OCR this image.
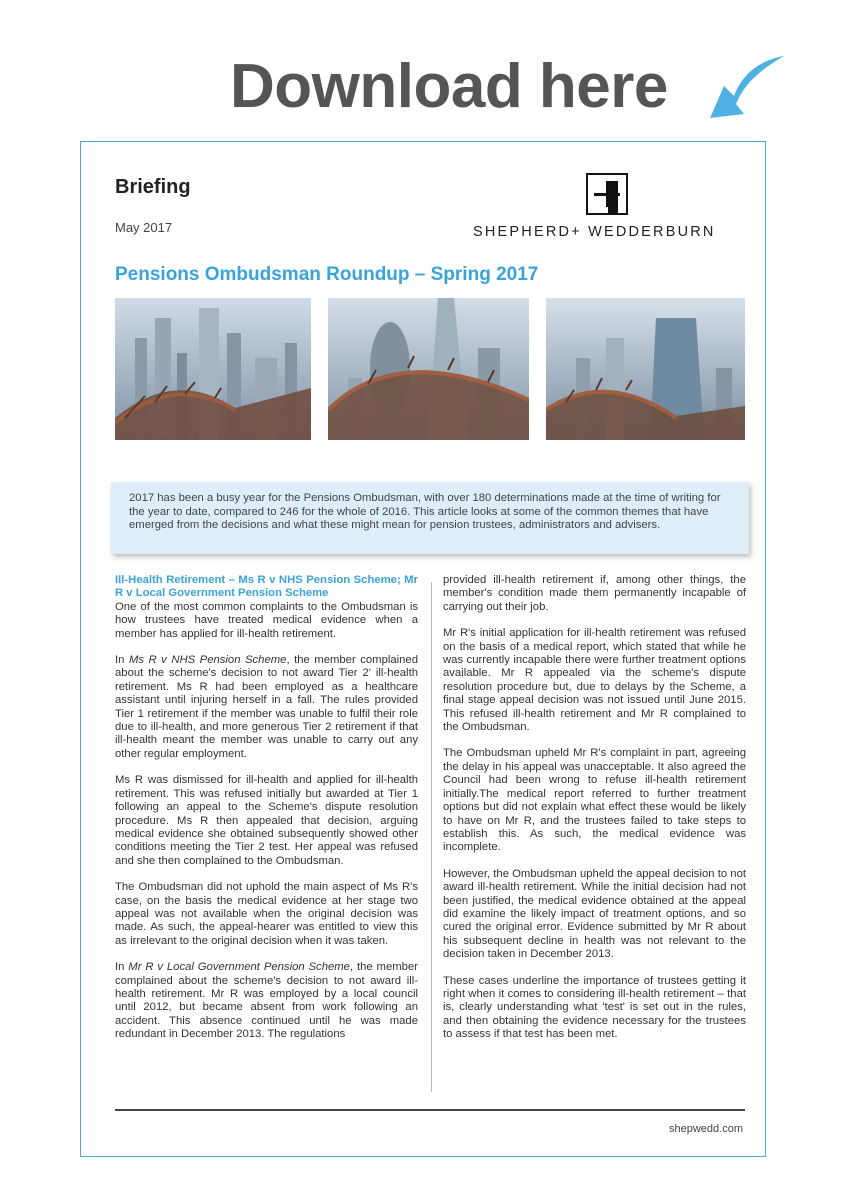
Download here
Briefing
May 2017	SHEPHERD+ WEDDERBURN
Pensions Ombudsman Roundup – Spring 2017
2017 has been a busy year for the Pensions Ombudsman, with over 180 determinations made at the time of writing for the year to date, compared to 246 for the whole of 2016. This article looks at some of the common themes that have emerged from the decisions and what these might mean for pension trustees, administrators and advisers.

Ill-Health Retirement – Ms R v NHS Pension Scheme; Mr R v Local Government Pension Scheme

One of the most common complaints to the Ombudsman is how trustees have treated medical evidence when a member has applied for ill-health retirement.

In Ms R v NHS Pension Scheme, the member complained about the scheme's decision to not award Tier 2' ill-health retirement. Ms R had been employed as a healthcare assistant until injuring herself in a fall. The rules provided Tier 1 retirement if the member was unable to fulfil their role due to ill-health, and more generous Tier 2 retirement if that ill-health meant the member was unable to carry out any other regular employment.

Ms R was dismissed for ill-health and applied for ill-health retirement. This was refused initially but awarded at Tier 1 following an appeal to the Scheme's dispute resolution procedure. Ms R then appealed that decision, arguing medical evidence she obtained subsequently showed other conditions meeting the Tier 2 test. Her appeal was refused and she then complained to the Ombudsman.

The Ombudsman did not uphold the main aspect of Ms R's case, on the basis the medical evidence at her stage two appeal was not available when the original decision was made. As such, the appeal-hearer was entitled to view this as irrelevant to the original decision when it was taken.

In Mr R v Local Government Pension Scheme, the member complained about the scheme's decision to not award ill-health retirement. Mr R was employed by a local council until 2012, but became absent from work following an accident. This absence continued until he was made redundant in December 2013. The regulations

provided ill-health retirement if, among other things, the member's condition made them permanently incapable of carrying out their job.

Mr R's initial application for ill-health retirement was refused on the basis of a medical report, which stated that while he was currently incapable there were further treatment options available. Mr R appealed via the scheme's dispute resolution procedure but, due to delays by the Scheme, a final stage appeal decision was not issued until June 2015. This refused ill-health retirement and Mr R complained to the Ombudsman.

The Ombudsman upheld Mr R's complaint in part, agreeing the delay in his appeal was unacceptable. It also agreed the Council had been wrong to refuse ill-health retirement initially.The medical report referred to further treatment options but did not explain what effect these would be likely to have on Mr R, and the trustees failed to take steps to establish this. As such, the medical evidence was incomplete.

However, the Ombudsman upheld the appeal decision to not award ill-health retirement. While the initial decision had not been justified, the medical evidence obtained at the appeal did examine the likely impact of treatment options, and so cured the original error. Evidence submitted by Mr R about his subsequent decline in health was not relevant to the decision taken in December 2013.

These cases underline the importance of trustees getting it right when it comes to considering ill-health retirement – that is, clearly understanding what 'test' is set out in the rules, and then obtaining the evidence necessary for the trustees to assess if that test has been met.

shepwedd.com
